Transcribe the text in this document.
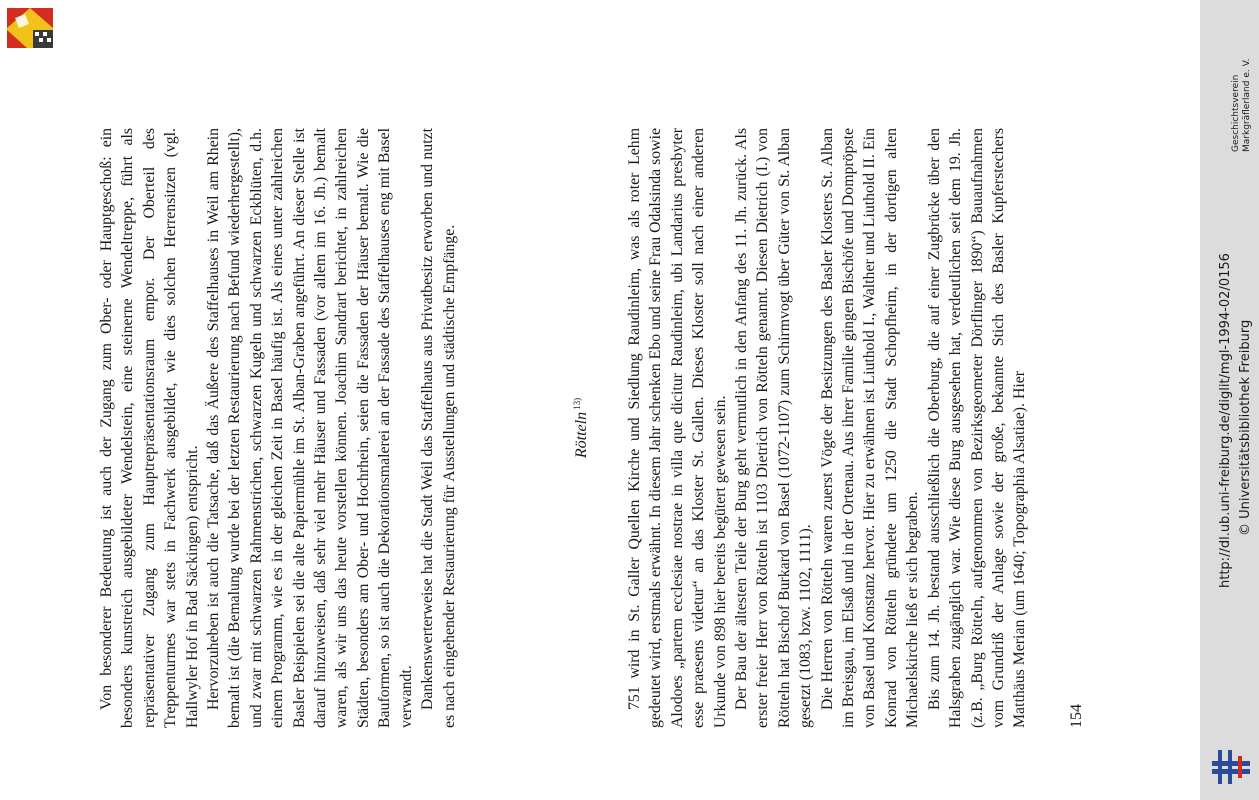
Von besonderer Bedeutung ist auch der Zugang zum Ober- oder Hauptgeschoß: ein besonders kunstreich ausgebildeter Wendelstein, eine steinerne Wendeltreppe, führt als repräsentativer Zugang zum Hauptrepräsentationsraum empor. Der Oberteil des Treppenturmes war stets in Fachwerk ausgebildet, wie dies solchen Herrensitzen (vgl. Hallwyler Hof in Bad Säckingen) entspricht. Hervorzuheben ist auch die Tatsache, daß das Äußere des Staffelhauses in Weil am Rhein bemalt ist (die Bemalung wurde bei der letzten Restaurierung nach Befund wiederhergestellt), und zwar mit schwarzen Rahmenstrichen, schwarzen Kugeln und schwarzen Eckblüten, d.h. einem Programm, wie es in der gleichen Zeit in Basel häufig ist. Als eines unter zahlreichen Basler Beispielen sei die alte Papiermühle im St. Alban-Graben angeführt. An dieser Stelle ist darauf hinzuweisen, daß sehr viel mehr Häuser und Fassaden (vor allem im 16. Jh.) bemalt waren, als wir uns das heute vorstellen können. Joachim Sandrart berichtet, in zahlreichen Städten, besonders am Ober- und Hochrhein, seien die Fassaden der Häuser bemalt. Wie die Bauformen, so ist auch die Dekorationsmalerei an der Fassade des Staffelhauses eng mit Basel verwandt. Dankenswerterweise hat die Stadt Weil das Staffelhaus aus Privatbesitz erworben und nutzt es nach eingehender Restaurierung für Ausstellungen und städtische Empfänge.	Rötteln$^{13)}$	751 wird in St. Galler Quellen Kirche und Siedlung Raudinleim, was als roter Lehm gedeutet wird, erstmals erwähnt. In diesem Jahr schenken Ebo und seine Frau Odalsinda sowie Alodoes „partem ecclesiae nostrae in villa que dicitur Raudinleim, ubi Landarius presbyter esse praesens videtur“ an das Kloster St. Gallen. Dieses Kloster soll nach einer anderen Urkunde von 898 hier bereits begütert gewesen sein. Der Bau der ältesten Teile der Burg geht vermutlich in den Anfang des 11. Jh. zurück. Als erster freier Herr von Rötteln ist 1103 Dietrich von Rötteln genannt. Diesen Dietrich (I.) von Rötteln hat Bischof Burkard von Basel (1072-1107) zum Schirmvogt über Güter von St. Alban gesetzt (1083, bzw. 1102, 1111). Die Herren von Rötteln waren zuerst Vögte der Besitzungen des Basler Klosters St. Alban im Breisgau, im Elsaß und in der Ortenau. Aus ihrer Familie gingen Bischöfe und Dompröpste von Basel und Konstanz hervor. Hier zu erwähnen ist Liuthold I., Walther und Liuthold II. Ein Konrad von Rötteln gründete um 1250 die Stadt Schopfheim, in der dortigen alten Michaelskirche ließ er sich begraben. Bis zum 14. Jh. bestand ausschließlich die Oberburg, die auf einer Zugbrücke über den Halsgraben zugänglich war. Wie diese Burg ausgesehen hat, verdeutlichen seit dem 19. Jh. (z.B. „Burg Rötteln, aufgenommen von Bezirksgeometer Dörflinger 1890“) Bauaufnahmen vom Grundriß der Anlage sowie der große, bekannte Stich des Basler Kupferstechers Matthäus Merian (um 1640; Topographia Alsatiae). Hier 154
Geschichtsverein Markgräflerland e. V.
http://dl.ub.uni-freiburg.de/diglit/mgl-1994-02/0156 © Universitätsbibliothek Freiburg
